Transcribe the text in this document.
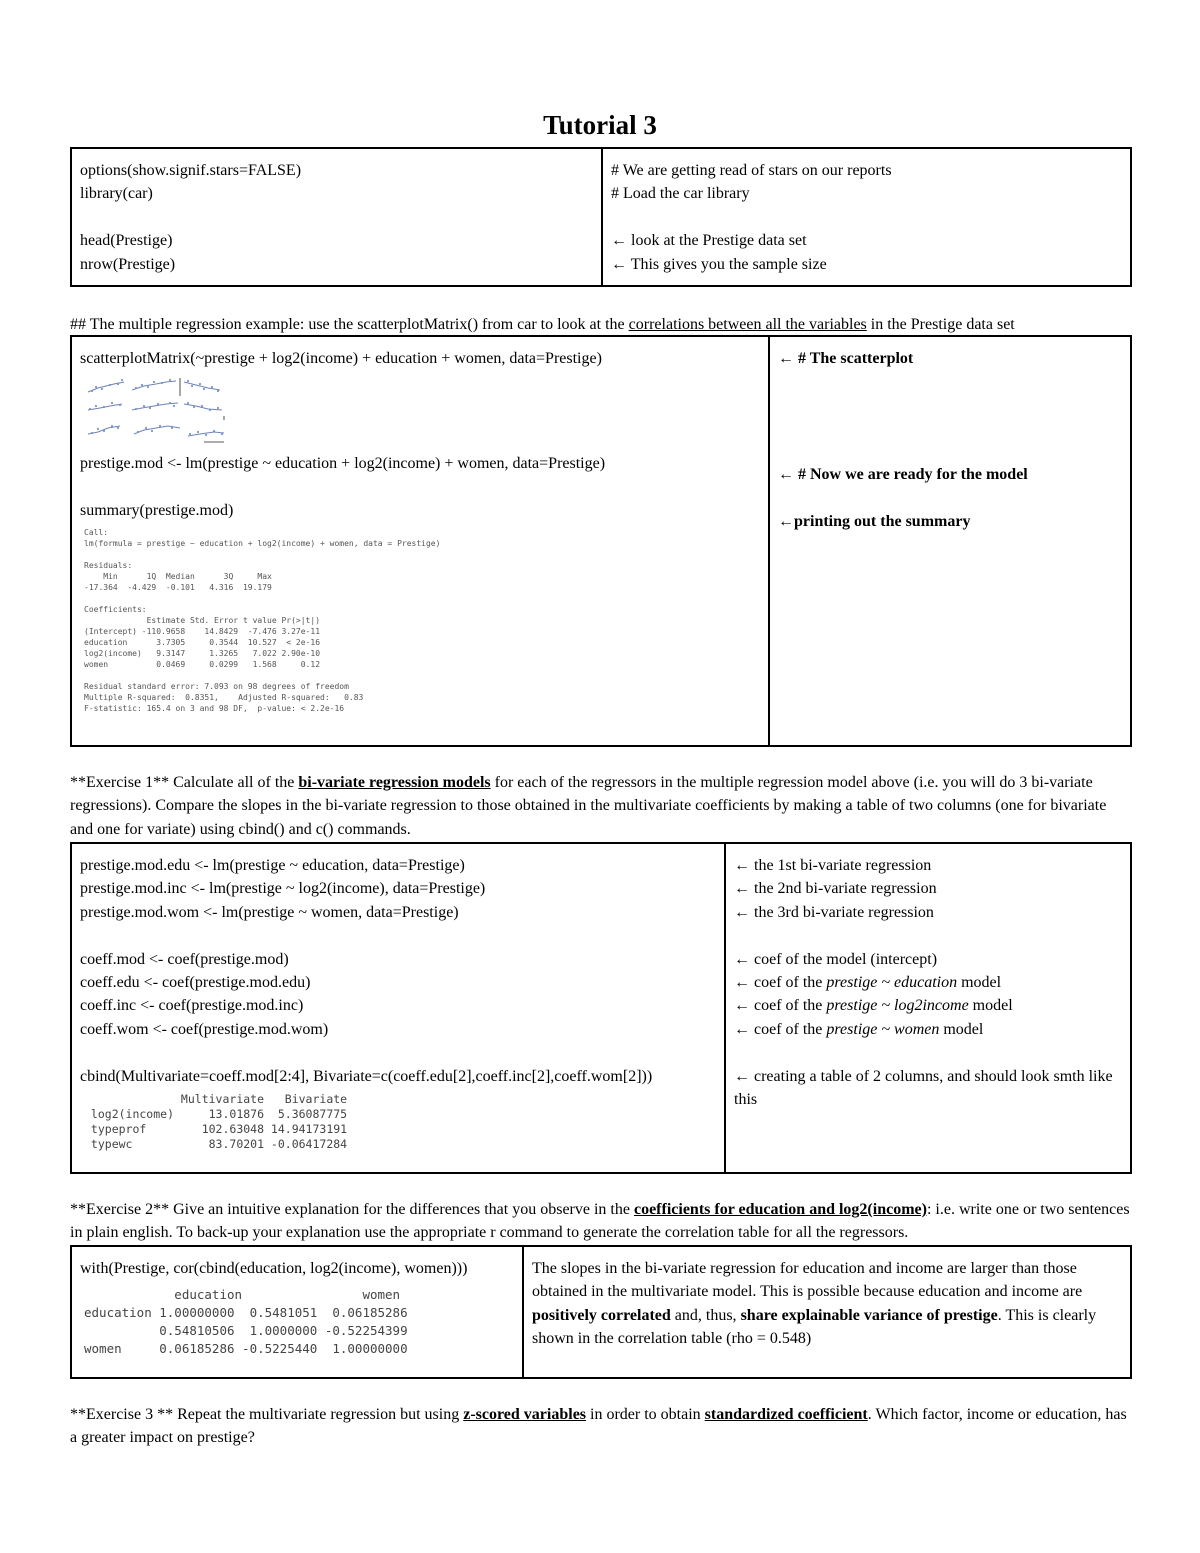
Tutorial 3
options(show.signif.stars=FALSE)
library(car)
head(Prestige)
nrow(Prestige)

# We are getting read of stars on our reports
# Load the car library
← look at the Prestige data set
← This gives you the sample size
## The multiple regression example: use the scatterplotMatrix() from car to look at the correlations between all the variables in the Prestige data set
scatterplotMatrix(~prestige + log2(income) + education + women, data=Prestige)
prestige.mod <- lm(prestige ~ education + log2(income) + women, data=Prestige)
summary(prestige.mod)
Call:
lm(formula = prestige ~ education + log2(income) + women, data = Prestige)

Residuals:
Min      1Q  Median      3Q     Max
-17.364  -4.429  -0.101   4.316  19.179

Coefficients:
Estimate Std. Error t value Pr(>|t|)
(Intercept) -110.9658    14.8429  -7.476 3.27e-11
education      3.7305     0.3544  10.527  < 2e-16
log2(income)   9.3147     1.3265   7.022 2.90e-10
women          0.0469     0.0299   1.568     0.12

Residual standard error: 7.093 on 98 degrees of freedom
Multiple R-squared:  0.8351,    Adjusted R-squared:   0.83
F-statistic: 165.4 on 3 and 98 DF,  p-value: < 2.2e-16

← # The scatterplot
← # Now we are ready for the model
←printing out the summary
**Exercise 1** Calculate all of the bi-variate regression models for each of the regressors in the multiple regression model above (i.e. you will do 3 bi-variate regressions). Compare the slopes in the bi-variate regression to those obtained in the multivariate coefficients by making a table of two columns (one for bivariate and one for variate) using cbind() and c() commands.
prestige.mod.edu <- lm(prestige ~ education, data=Prestige)
prestige.mod.inc <- lm(prestige ~ log2(income), data=Prestige)
prestige.mod.wom <- lm(prestige ~ women, data=Prestige)
coeff.mod <- coef(prestige.mod)
coeff.edu <- coef(prestige.mod.edu)
coeff.inc <- coef(prestige.mod.inc)
coeff.wom <- coef(prestige.mod.wom)
cbind(Multivariate=coeff.mod[2:4], Bivariate=c(coeff.edu[2],coeff.inc[2],coeff.wom[2]))
Multivariate   Bivariate
log2(income)     13.01876  5.36087775
typeprof        102.63048 14.94173191
typewc           83.70201 -0.06417284

← the 1st bi-variate regression
← the 2nd bi-variate regression
← the 3rd bi-variate regression
← coef of the model (intercept)
← coef of the prestige ~ education model
← coef of the prestige ~ log2income model
← coef of the prestige ~ women model
← creating a table of 2 columns, and should look smth like this
**Exercise 2** Give an intuitive explanation for the differences that you observe in the coefficients for education and log2(income): i.e. write one or two sentences in plain english. To back-up your explanation use the appropriate r command to generate the correlation table for all the regressors.
with(Prestige, cor(cbind(education, log2(income), women)))
education                women
education 1.00000000  0.5481051  0.06185286
0.54810506  1.0000000 -0.52254399
women     0.06185286 -0.5225440  1.00000000
	The slopes in the bi-variate regression for education and income are larger than those obtained in the multivariate model. This is possible because education and income are positively correlated and, thus, share explainable variance of prestige. This is clearly shown in the correlation table (rho = 0.548)
**Exercise 3 ** Repeat the multivariate regression but using z-scored variables in order to obtain standardized coefficient. Which factor, income or education, has a greater impact on prestige?
